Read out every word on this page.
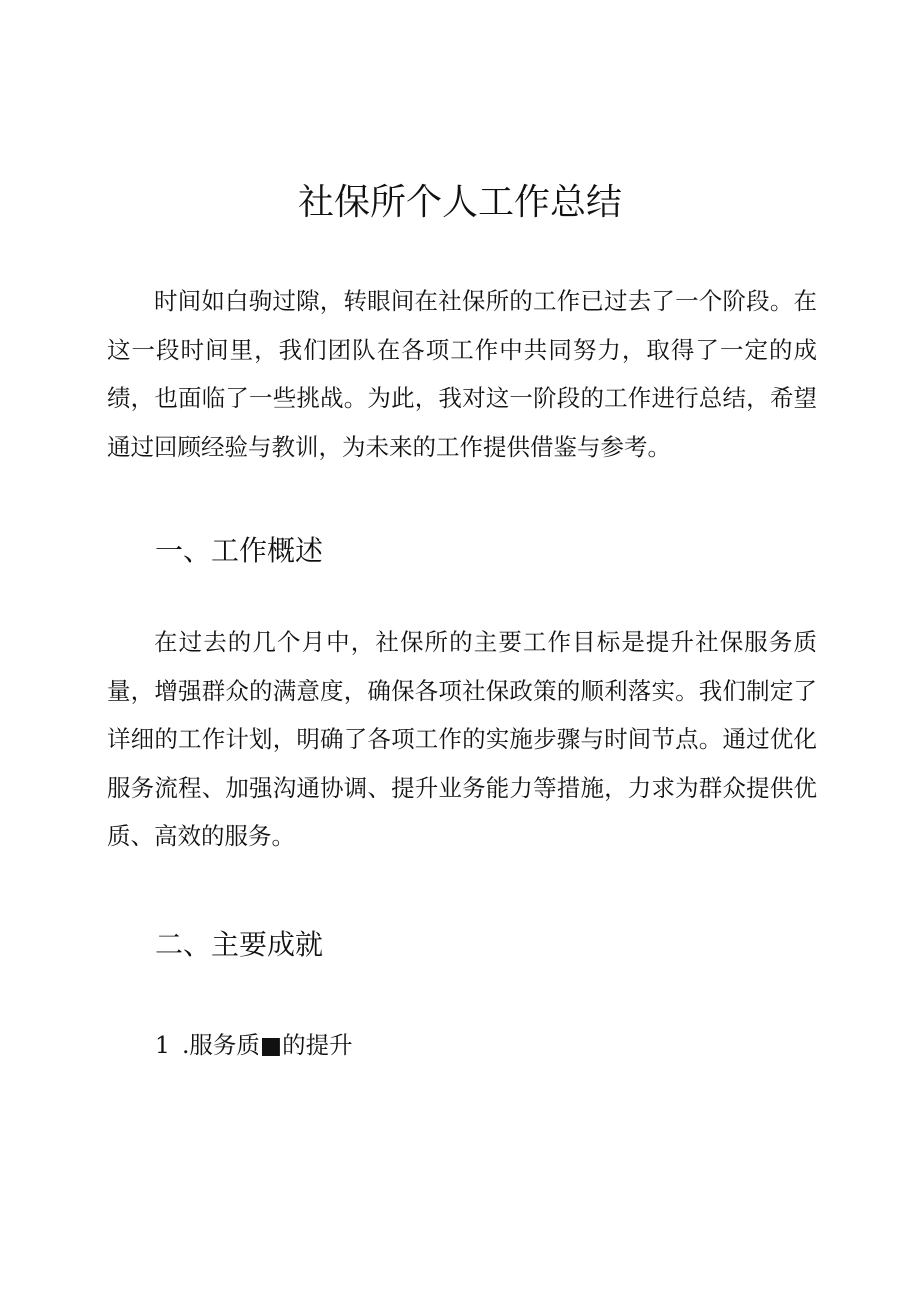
社保所个人工作总结

时间如白驹过隙，转眼间在社保所的工作已过去了一个阶段。在这一段时间里，我们团队在各项工作中共同努力，取得了一定的成绩，也面临了一些挑战。为此，我对这一阶段的工作进行总结，希望通过回顾经验与教训，为未来的工作提供借鉴与参考。

一、工作概述

在过去的几个月中，社保所的主要工作目标是提升社保服务质量，增强群众的满意度，确保各项社保政策的顺利落实。我们制定了详细的工作计划，明确了各项工作的实施步骤与时间节点。通过优化服务流程、加强沟通协调、提升业务能力等措施，力求为群众提供优质、高效的服务。

二、主要成就

1 .服务质■的提升
